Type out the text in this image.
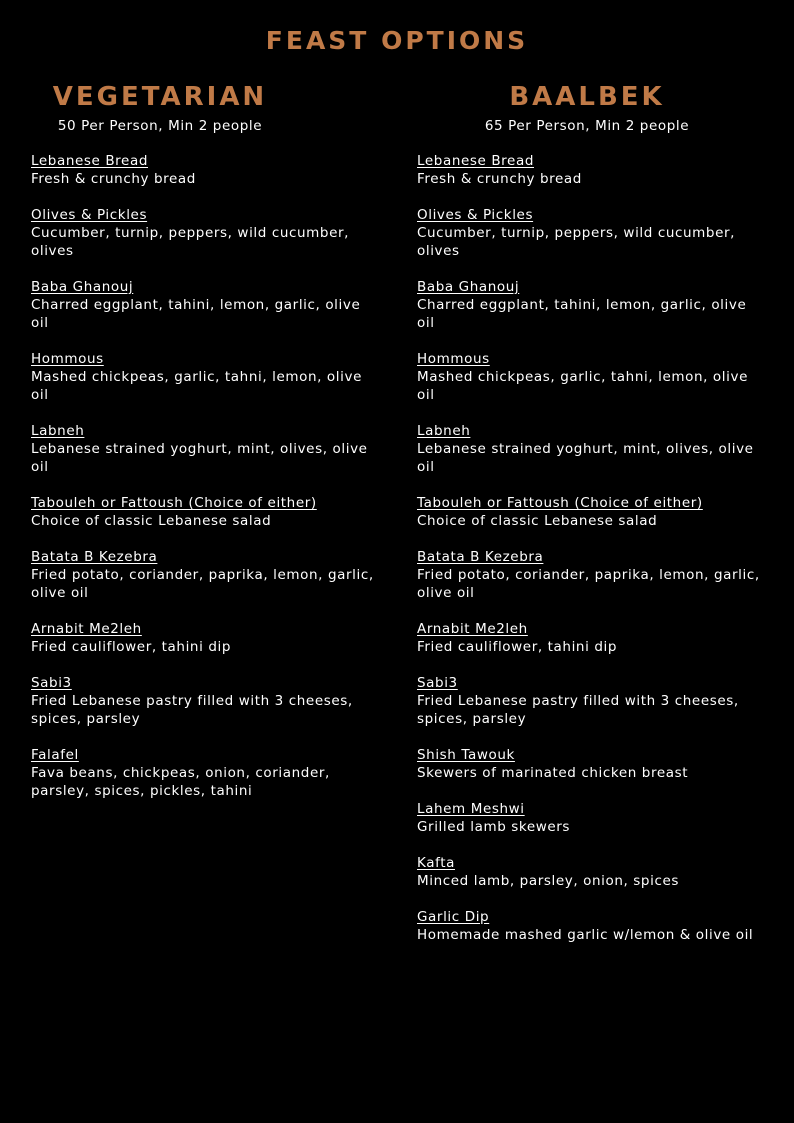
FEAST OPTIONS
VEGETARIAN

50 Per Person, Min 2 people

Lebanese Bread
Fresh & crunchy bread
Olives & Pickles
Cucumber, turnip, peppers, wild cucumber, olives
Baba Ghanouj
Charred eggplant, tahini, lemon, garlic, olive oil
Hommous
Mashed chickpeas, garlic, tahni, lemon, olive oil
Labneh
Lebanese strained yoghurt, mint, olives, olive oil
Tabouleh or Fattoush (Choice of either)
Choice of classic Lebanese salad
Batata B Kezebra
Fried potato, coriander, paprika, lemon, garlic, olive oil
Arnabit Me2leh
Fried cauliflower, tahini dip
Sabi3
Fried Lebanese pastry filled with 3 cheeses, spices, parsley
Falafel
Fava beans, chickpeas, onion, coriander, parsley, spices, pickles, tahini
BAALBEK

65 Per Person, Min 2 people

Lebanese Bread
Fresh & crunchy bread
Olives & Pickles
Cucumber, turnip, peppers, wild cucumber, olives
Baba Ghanouj
Charred eggplant, tahini, lemon, garlic, olive oil
Hommous
Mashed chickpeas, garlic, tahni, lemon, olive oil
Labneh
Lebanese strained yoghurt, mint, olives, olive oil
Tabouleh or Fattoush (Choice of either)
Choice of classic Lebanese salad
Batata B Kezebra
Fried potato, coriander, paprika, lemon, garlic, olive oil
Arnabit Me2leh
Fried cauliflower, tahini dip
Sabi3
Fried Lebanese pastry filled with 3 cheeses, spices, parsley
Shish Tawouk
Skewers of marinated chicken breast
Lahem Meshwi
Grilled lamb skewers
Kafta
Minced lamb, parsley, onion, spices
Garlic Dip
Homemade mashed garlic w/lemon & olive oil
